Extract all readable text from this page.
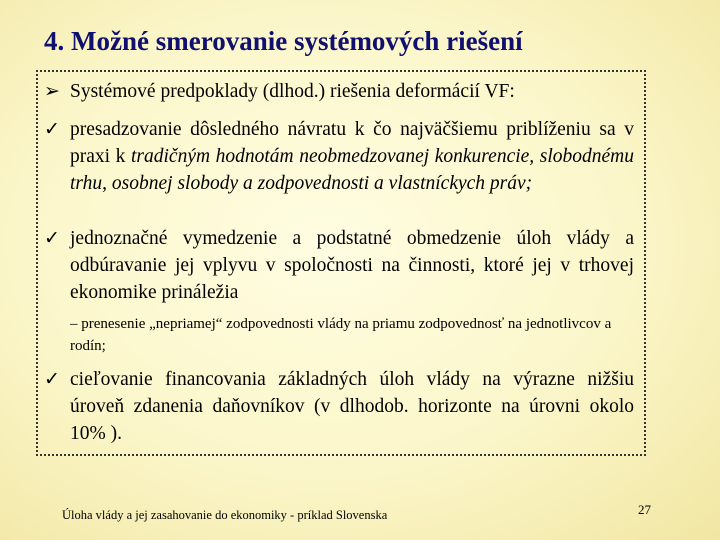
4. Možné smerovanie systémových riešení
➢ Systémové predpoklady (dlhod.) riešenia deformácií VF:
✓ presadzovanie dôsledného návratu k čo najväčšiemu priblíženiu sa v praxi k tradičným hodnotám neobmedzovanej konkurencie, slobodnému trhu, osobnej slobody a zodpovednosti a vlastníckych práv;
✓ jednoznačné vymedzenie a podstatné obmedzenie úloh vlády a odbúravanie jej vplyvu v spoločnosti na činnosti, ktoré jej v trhovej ekonomike prináležia
– prenesenie „nepriamej“ zodpovednosti vlády na priamu zodpovednosť na jednotlivcov a rodín;
✓ cieľovanie financovania základných úloh vlády na výrazne nižšiu úroveň zdanenia daňovníkov (v dlhodob. horizonte na úrovni okolo 10% ).
Úloha vlády a jej zasahovanie do ekonomiky - príklad Slovenska	27
